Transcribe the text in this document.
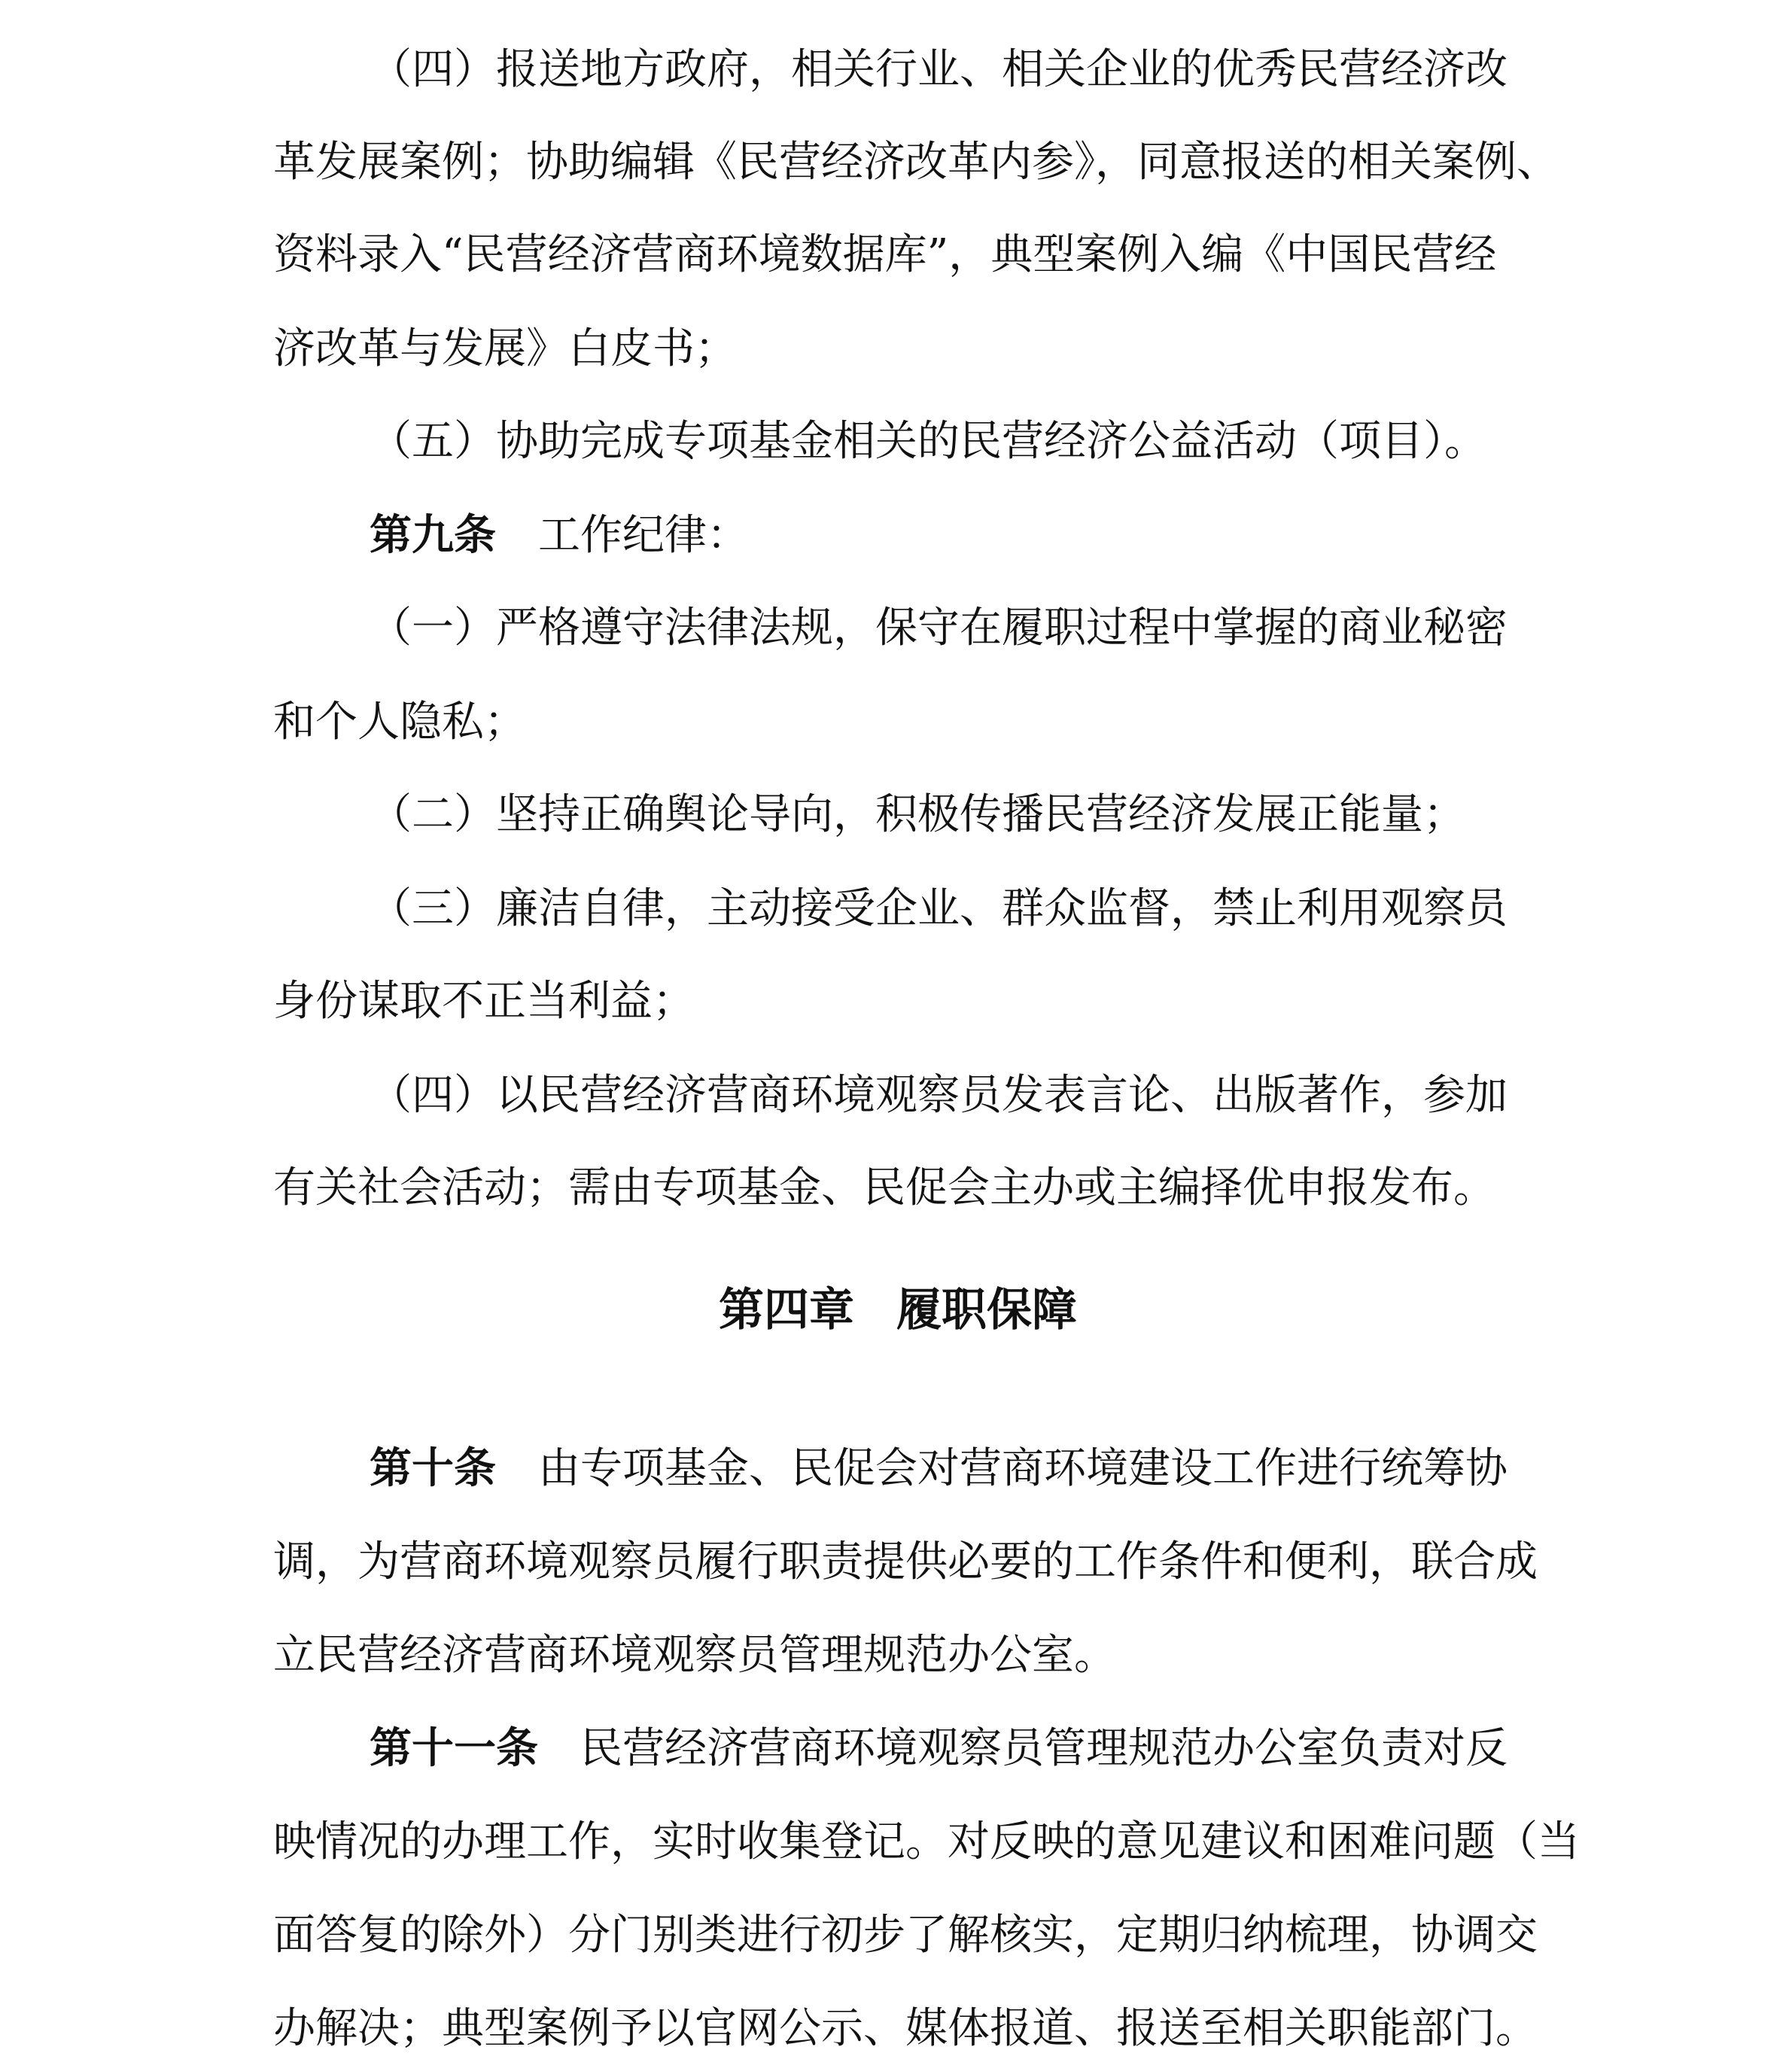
（四）报送地方政府，相关行业、相关企业的优秀民营经济改
革发展案例；协助编辑《民营经济改革内参》，同意报送的相关案例、
资料录入“民营经济营商环境数据库”，典型案例入编《中国民营经
济改革与发展》白皮书；
（五）协助完成专项基金相关的民营经济公益活动（项目）。
第九条 工作纪律：
（一）严格遵守法律法规，保守在履职过程中掌握的商业秘密
和个人隐私；
（二）坚持正确舆论导向，积极传播民营经济发展正能量；
（三）廉洁自律，主动接受企业、群众监督，禁止利用观察员
身份谋取不正当利益；
（四）以民营经济营商环境观察员发表言论、出版著作，参加
有关社会活动；需由专项基金、民促会主办或主编择优申报发布。
第四章 履职保障
第十条 由专项基金、民促会对营商环境建设工作进行统筹协
调，为营商环境观察员履行职责提供必要的工作条件和便利，联合成
立民营经济营商环境观察员管理规范办公室。
第十一条 民营经济营商环境观察员管理规范办公室负责对反
映情况的办理工作，实时收集登记。对反映的意见建议和困难问题（当
面答复的除外）分门别类进行初步了解核实，定期归纳梳理，协调交
办解决；典型案例予以官网公示、媒体报道、报送至相关职能部门。
